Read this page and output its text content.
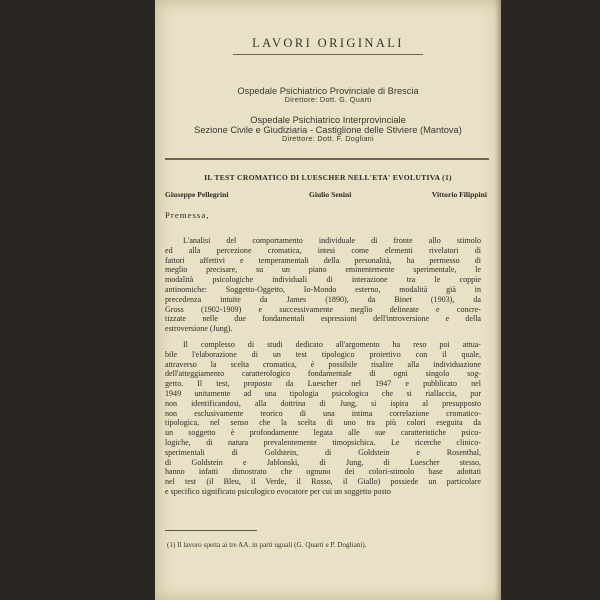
LAVORI ORIGINALI
Ospedale Psichiatrico Provinciale di Brescia
Direttore: Dott. G. Quarti
Ospedale Psichiatrico Interprovinciale
Sezione Civile e Giudiziaria - Castiglione delle Stiviere (Mantova)
Direttore: Dott. F. Dogliani
IL TEST CROMATICO DI LUESCHER NELL'ETA' EVOLUTIVA (1)
Giuseppe Pellegrini	Giulio Senini	Vittorio Filippini
Premessa,
L'analisi del comportamento individuale di fronte allo stimolo
ed alla percezione cromatica, intesi come elementi rivelatori di
fattori affettivi e temperamentali della personalità, ha permesso di
meglio precisare, su un piano eminentemente sperimentale, le
modalità psicologiche individuali di interazione tra le coppie
antinomiche: Soggetto-Oggetto, Io-Mondo esterno, modalità già in
precedenza intuite da James (1890), da Binet (1903), da
Gross (1902-1909) e successivamente meglio delineate e concre-
tizzate nelle due fondamentali espressioni dell'introversione e della
estroversione (Jung).
Il complesso di studi dedicato all'argomento ha reso poi attua-
bile l'elaborazione di un test tipologico proiettivo con il quale,
attraverso la scelta cromatica, è possibile risalire alla individuazione
dell'atteggiamento caratterologico fondamentale di ogni singolo sog-
getto. Il test, proposto da Luescher nel 1947 e pubblicato nel
1949 unitamente ad una tipologia psicologica che si riallaccia, pur
non identificandosi, alla dottrina di Jung, si ispira al presupposto
non esclusivamente teorico di una intima correlazione cromatico-
tipologica, nel senso che la scelta di uno tra più colori eseguita da
un soggetto è profondamente legata alle sue caratteristiche psico-
logiche, di natura prevalentemente timopsichica. Le ricerche clinico-
sperimentali di Goldstein, di Goldstein e Rosenthal,
di Goldstein e Jablonski, di Jung, di Luescher stesso,
hanno infatti dimostrato che ognuno dei colori-stimolo base adottati
nel test (il Bleu, il Verde, il Rosso, il Giallo) possiede un particolare
e specifico significato psicologico evocatore per cui un soggetto posto
(1) Il lavoro spetta ai tre AA. in parti uguali (G. Quarti e P. Dogliani).
